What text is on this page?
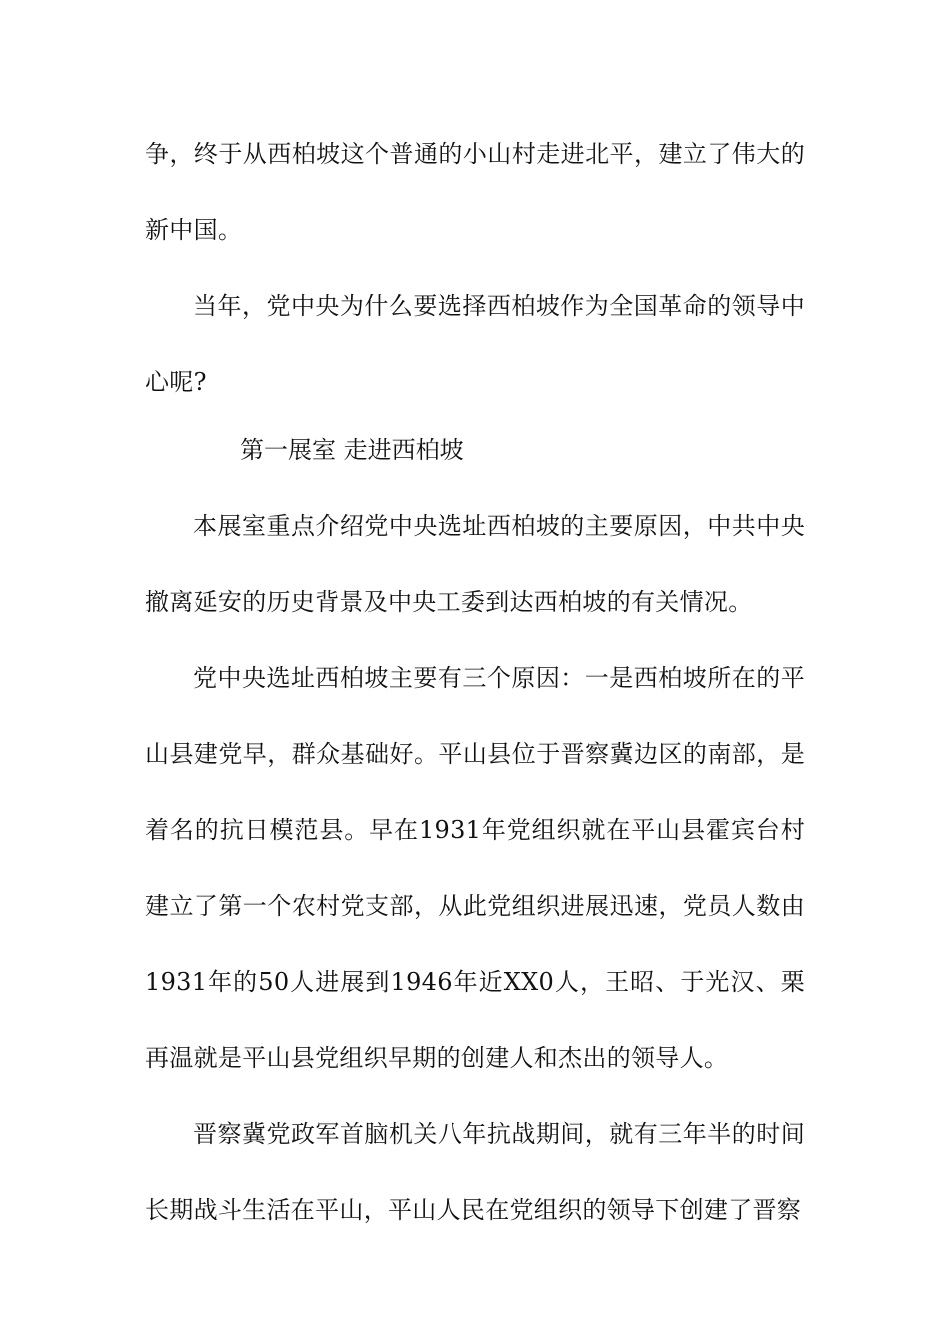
争，终于从西柏坡这个普通的小山村走进北平，建立了伟大的新中国。

当年，党中央为什么要选择西柏坡作为全国革命的领导中心呢?

第一展室 走进西柏坡

本展室重点介绍党中央选址西柏坡的主要原因，中共中央撤离延安的历史背景及中央工委到达西柏坡的有关情况。

党中央选址西柏坡主要有三个原因：一是西柏坡所在的平山县建党早，群众基础好。平山县位于晋察冀边区的南部，是着名的抗日模范县。早在1931年党组织就在平山县霍宾台村建立了第一个农村党支部，从此党组织进展迅速，党员人数由1931年的50人进展到1946年近XX0人，王昭、于光汉、栗再温就是平山县党组织早期的创建人和杰出的领导人。

晋察冀党政军首脑机关八年抗战期间，就有三年半的时间长期战斗生活在平山，平山人民在党组织的领导下创建了晋察
